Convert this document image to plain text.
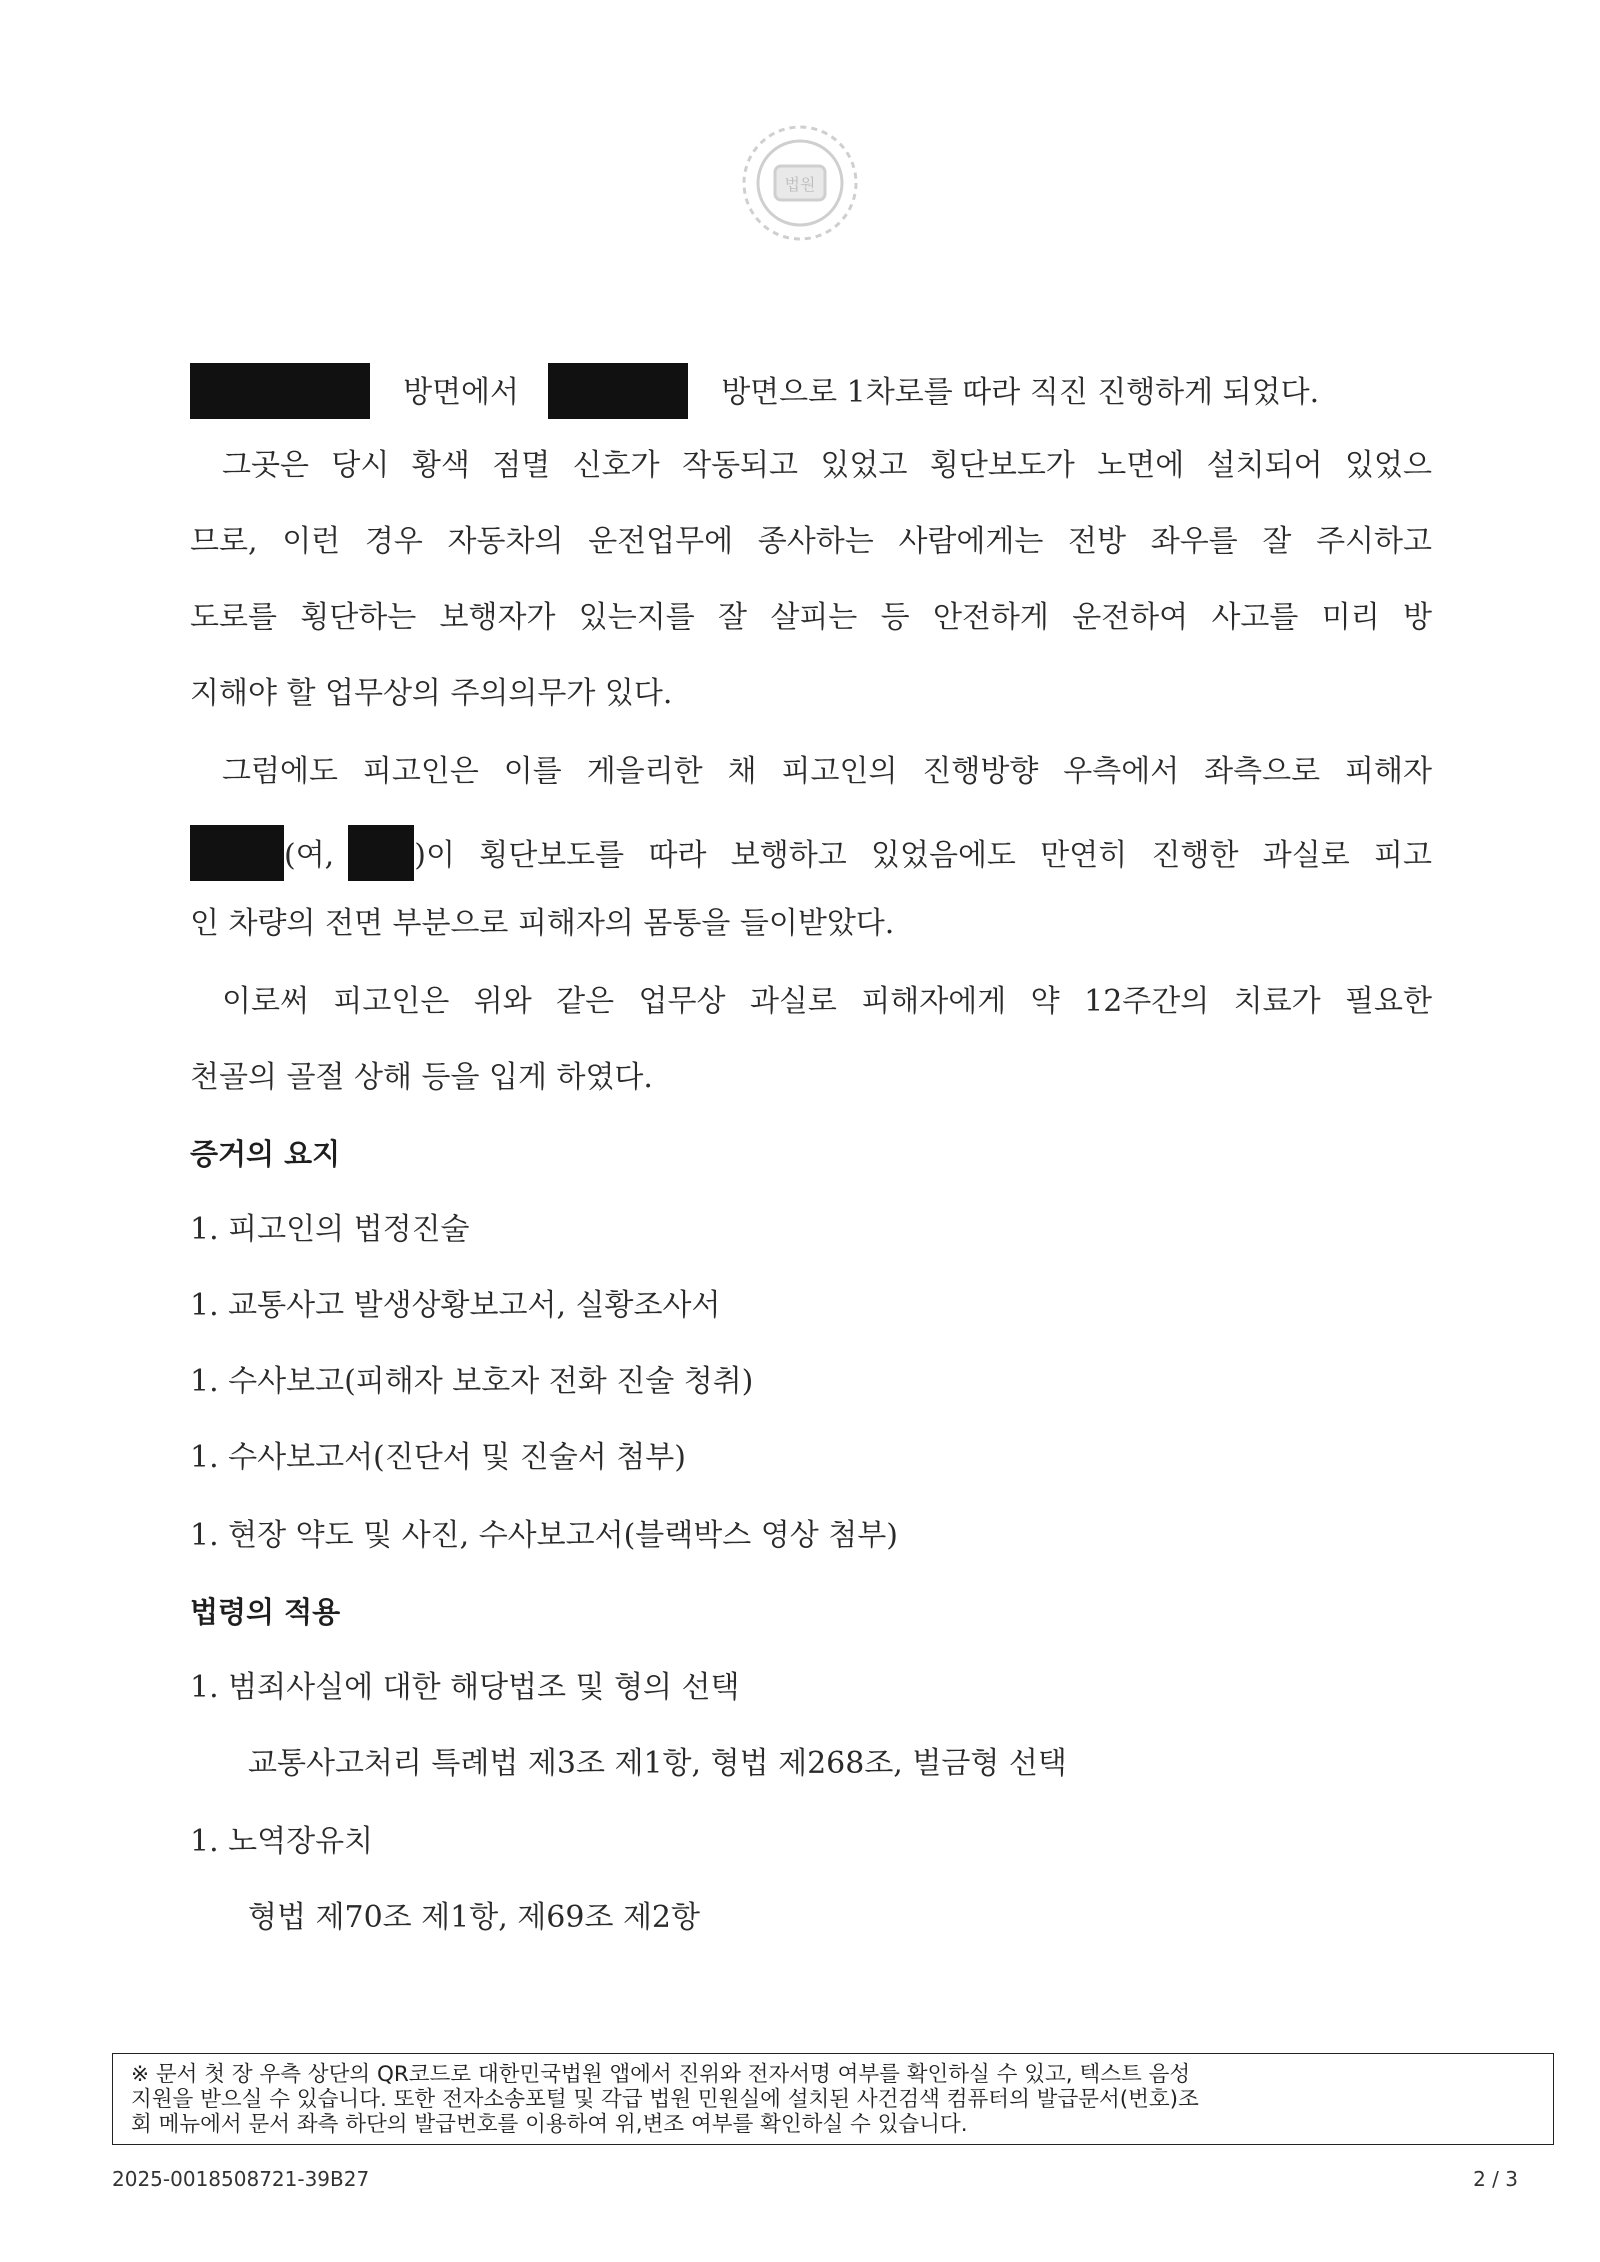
법원
방면에서	방면으로 1차로를 따라 직진 진행하게 되었다.
그곳은 당시 황색 점멸 신호가 작동되고 있었고 횡단보도가 노면에 설치되어 있었으
므로, 이런 경우 자동차의 운전업무에 종사하는 사람에게는 전방 좌우를 잘 주시하고
도로를 횡단하는 보행자가 있는지를 잘 살피는 등 안전하게 운전하여 사고를 미리 방
지해야 할 업무상의 주의의무가 있다.
그럼에도 피고인은 이를 게을리한 채 피고인의 진행방향 우측에서 좌측으로 피해자
(여,	)이 횡단보도를 따라 보행하고 있었음에도 만연히 진행한 과실로 피고
인 차량의 전면 부분으로 피해자의 몸통을 들이받았다.
이로써 피고인은 위와 같은 업무상 과실로 피해자에게 약 12주간의 치료가 필요한
천골의 골절 상해 등을 입게 하였다.
증거의 요지
1. 피고인의 법정진술
1. 교통사고 발생상황보고서, 실황조사서
1. 수사보고(피해자 보호자 전화 진술 청취)
1. 수사보고서(진단서 및 진술서 첨부)
1. 현장 약도 및 사진, 수사보고서(블랙박스 영상 첨부)
법령의 적용
1. 범죄사실에 대한 해당법조 및 형의 선택
교통사고처리 특례법 제3조 제1항, 형법 제268조, 벌금형 선택
1. 노역장유치
형법 제70조 제1항, 제69조 제2항
※ 문서 첫 장 우측 상단의 QR코드로 대한민국법원 앱에서 진위와 전자서명 여부를 확인하실 수 있고, 텍스트 음성
지원을 받으실 수 있습니다. 또한 전자소송포털 및 각급 법원 민원실에 설치된 사건검색 컴퓨터의 발급문서(번호)조
회 메뉴에서 문서 좌측 하단의 발급번호를 이용하여 위,변조 여부를 확인하실 수 있습니다.
2025-0018508721-39B27	2 / 3
